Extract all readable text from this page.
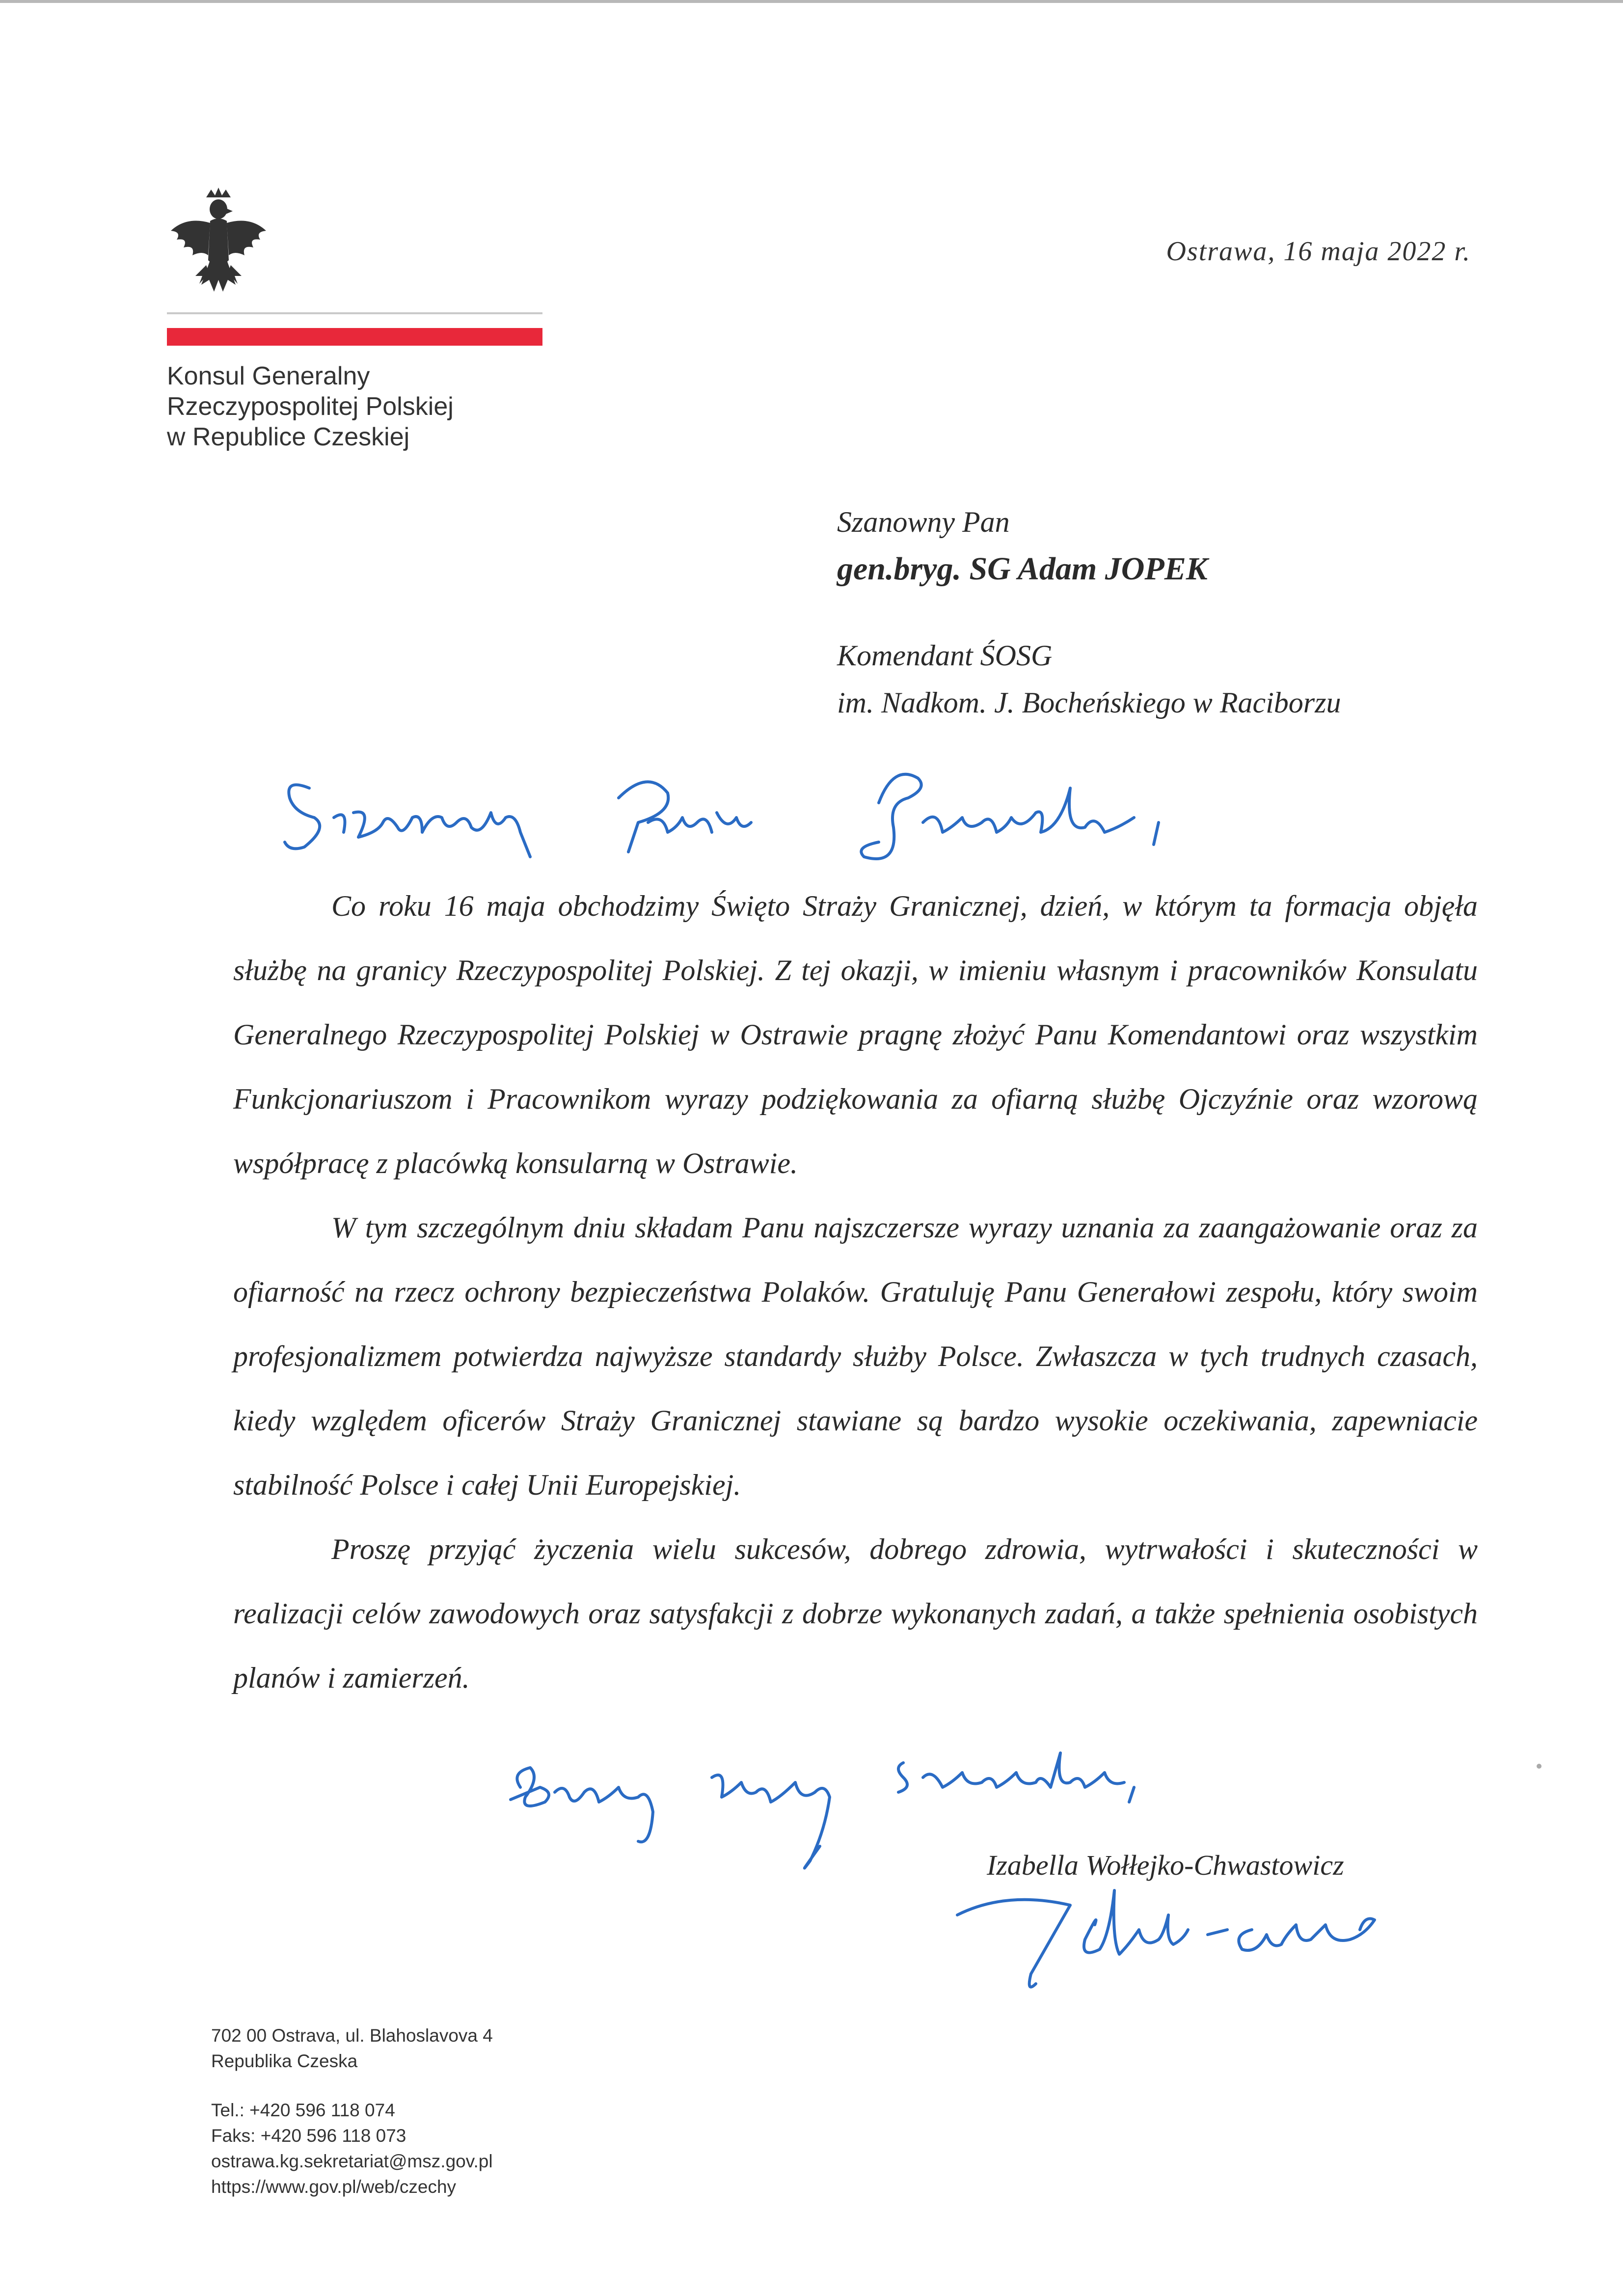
Konsul Generalny
Rzeczypospolitej Polskiej
w Republice Czeskiej
Ostrawa, 16 maja 2022 r.
Szanowny Pan
gen.bryg. SG Adam JOPEK
Komendant ŚOSG
im. Nadkom. J. Bocheńskiego w Raciborzu

Co roku 16 maja obchodzimy Święto Straży Granicznej, dzień, w którym ta formacja objęła służbę na granicy Rzeczypospolitej Polskiej. Z tej okazji, w imieniu własnym i pracowników Konsulatu Generalnego Rzeczypospolitej Polskiej w Ostrawie pragnę złożyć Panu Komendantowi oraz wszystkim Funkcjonariuszom i Pracownikom wyrazy podziękowania za ofiarną służbę Ojczyźnie oraz wzorową współpracę z placówką konsularną w Ostrawie.

W tym szczególnym dniu składam Panu najszczersze wyrazy uznania za zaangażowanie oraz za ofiarność na rzecz ochrony bezpieczeństwa Polaków. Gratuluję Panu Generałowi zespołu, który swoim profesjonalizmem potwierdza najwyższe standardy służby Polsce. Zwłaszcza w tych trudnych czasach, kiedy względem oficerów Straży Granicznej stawiane są bardzo wysokie oczekiwania, zapewniacie stabilność Polsce i całej Unii Europejskiej.

Proszę przyjąć życzenia wielu sukcesów, dobrego zdrowia, wytrwałości i skuteczności w realizacji celów zawodowych oraz satysfakcji z dobrze wykonanych zadań, a także spełnienia osobistych planów i zamierzeń.

Izabella Wołłejko-Chwastowicz
702 00 Ostrava, ul. Blahoslavova 4
Republika Czeska
Tel.: +420 596 118 074
Faks: +420 596 118 073
ostrawa.kg.sekretariat@msz.gov.pl
https://www.gov.pl/web/czechy
